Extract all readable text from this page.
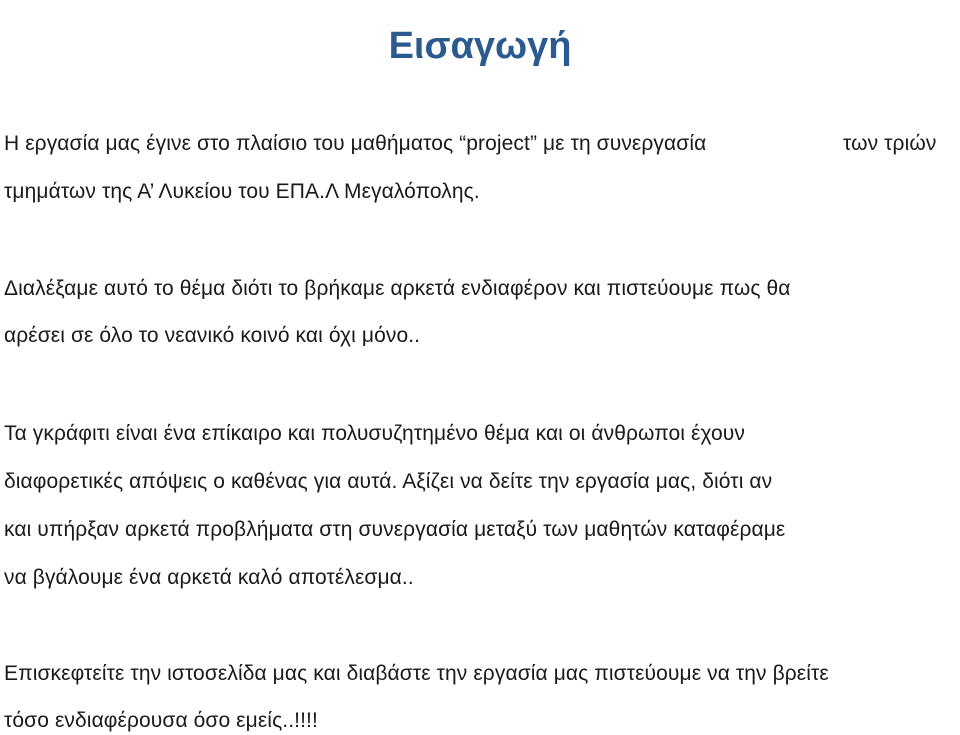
Εισαγωγή
Η εργασία μας έγινε στο πλαίσιο του μαθήματος “project” με τη συνεργασία	των τριών
τμημάτων της Α’ Λυκείου του ΕΠΑ.Λ Μεγαλόπολης.
Διαλέξαμε αυτό το θέμα διότι το βρήκαμε αρκετά ενδιαφέρον και πιστεύουμε πως θα
αρέσει σε όλο το νεανικό κοινό και όχι μόνο..
Τα γκράφιτι είναι ένα επίκαιρο και πολυσυζητημένο θέμα και οι άνθρωποι έχουν
διαφορετικές απόψεις ο καθένας για αυτά. Αξίζει να δείτε την εργασία μας, διότι αν
και υπήρξαν αρκετά προβλήματα στη συνεργασία μεταξύ των μαθητών καταφέραμε
να βγάλουμε ένα αρκετά καλό αποτέλεσμα..
Επισκεφτείτε την ιστοσελίδα μας και διαβάστε την εργασία μας πιστεύουμε να την βρείτε
τόσο ενδιαφέρουσα όσο εμείς..!!!!
